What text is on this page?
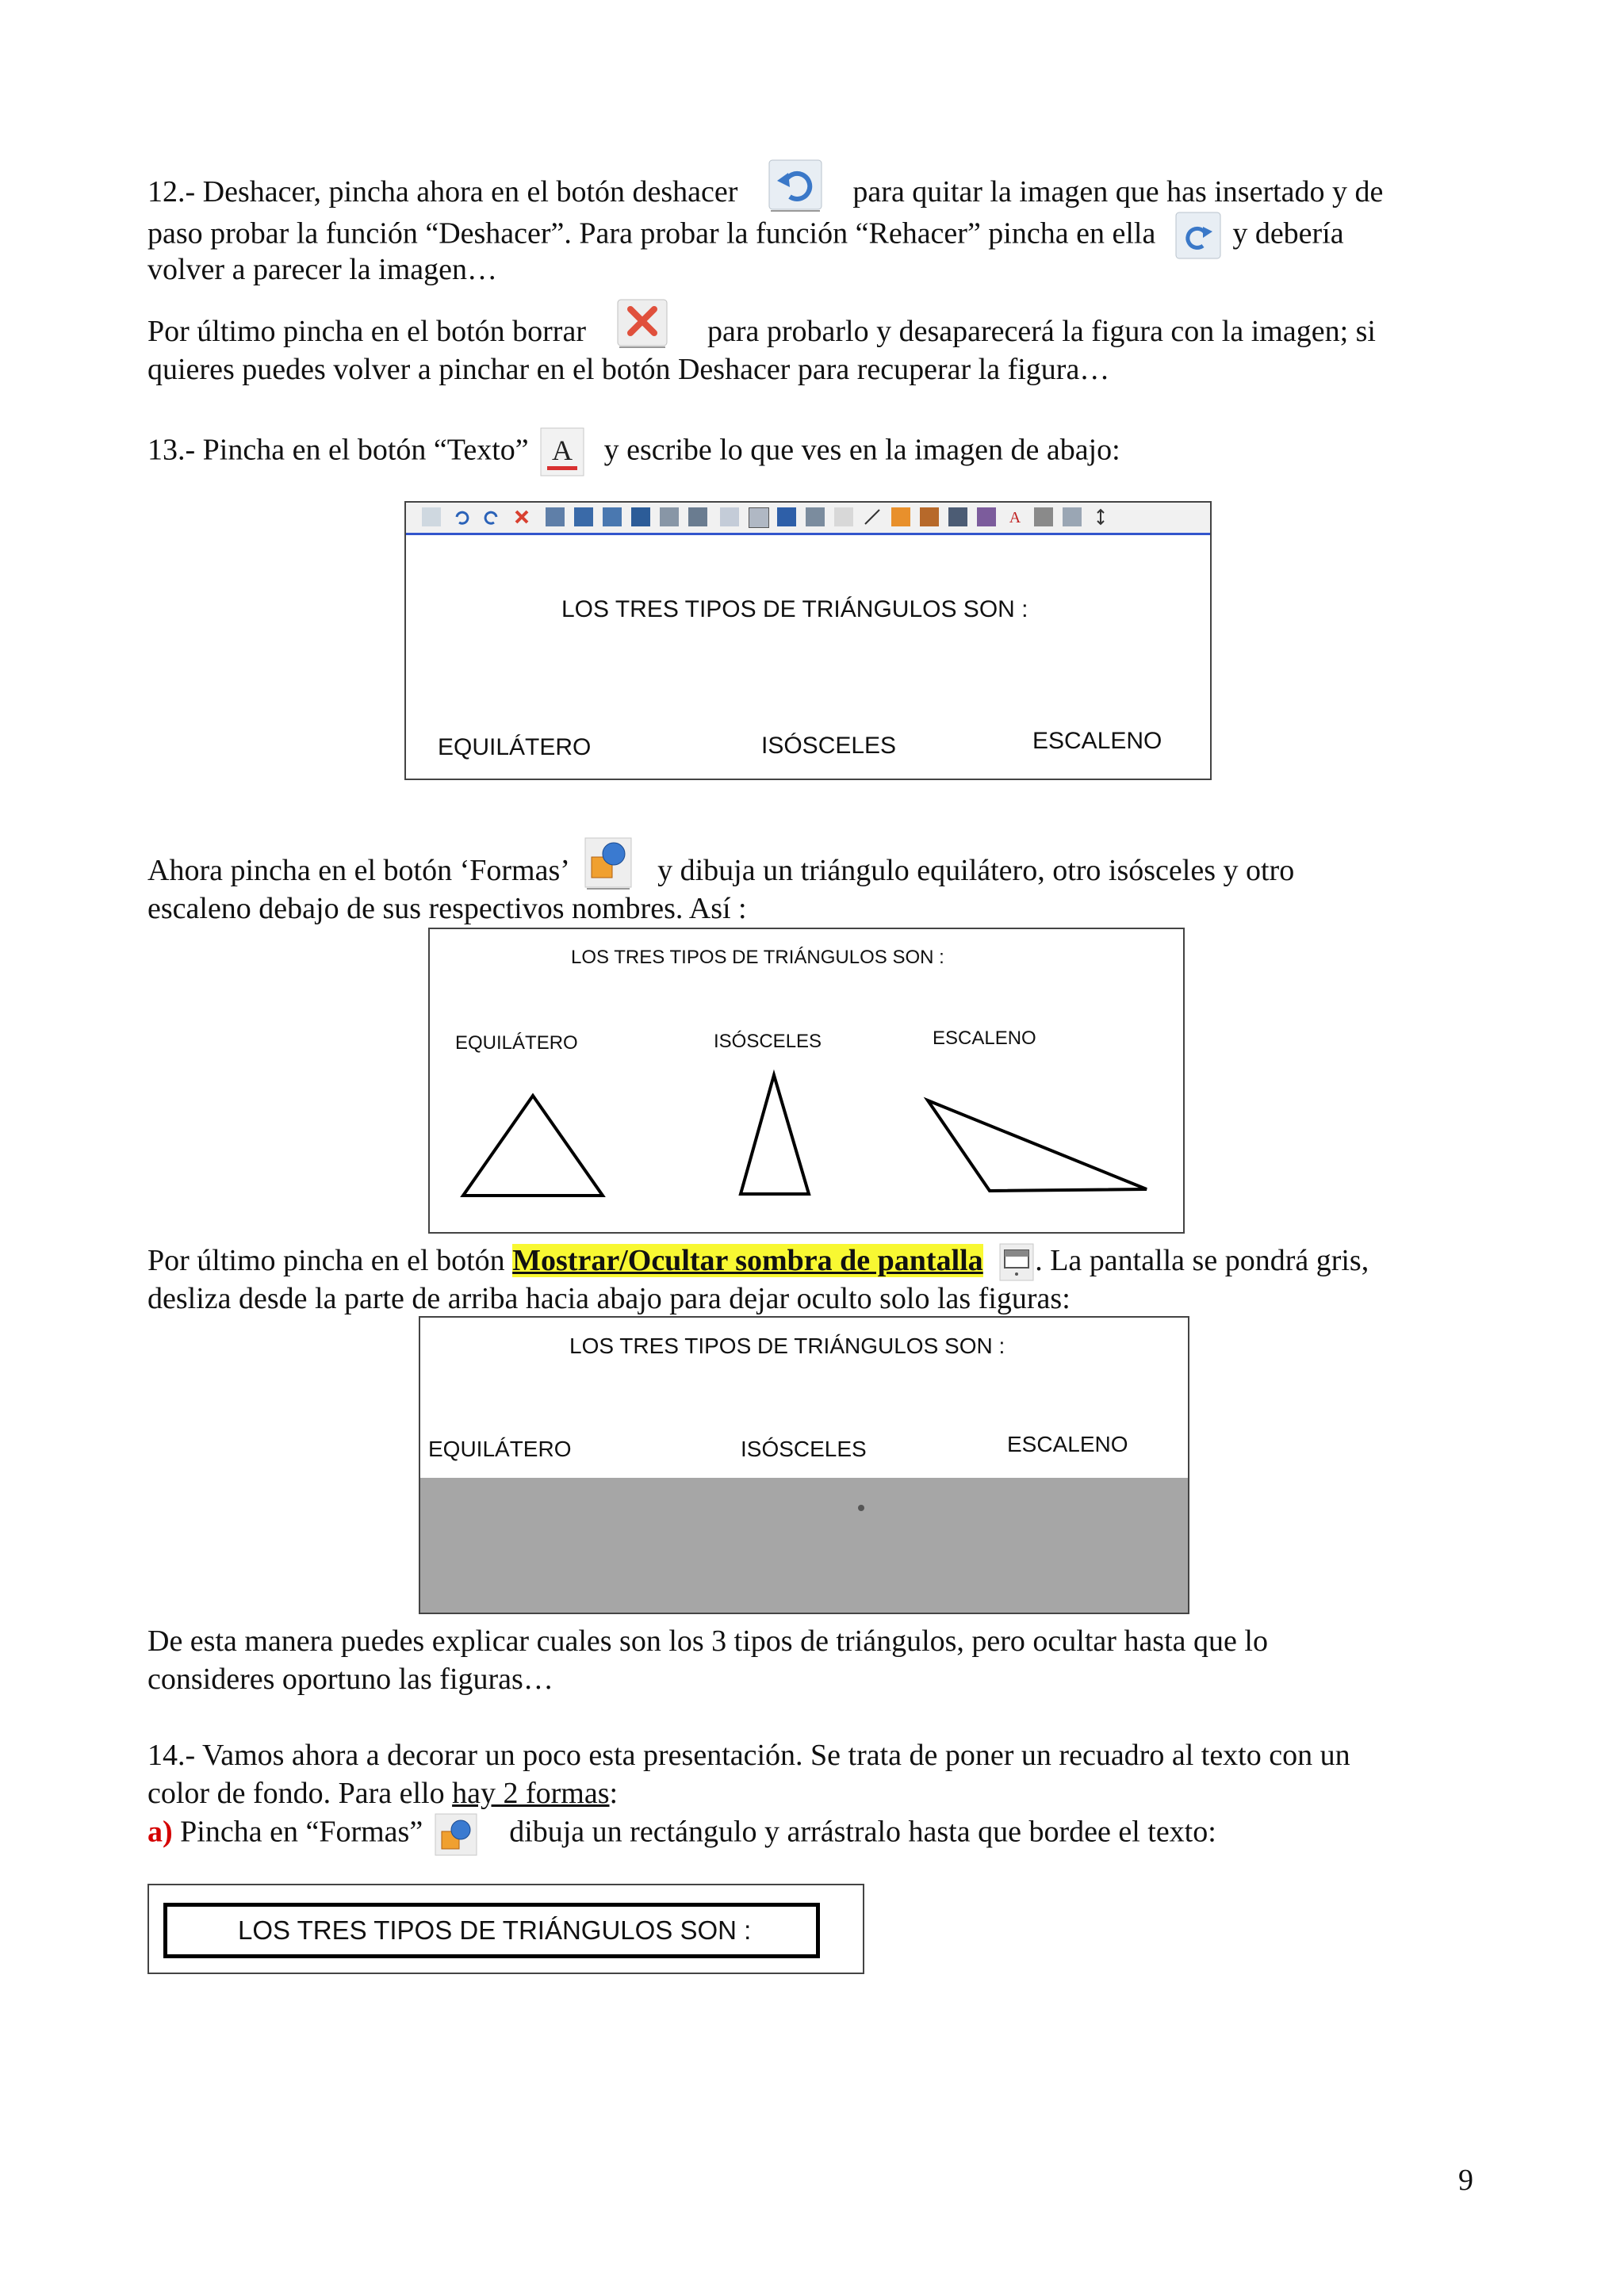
12.- Deshacer, pincha ahora en el botón deshacer	para quitar la imagen que has insertado y de
paso probar la función “Deshacer”. Para probar la función “Rehacer” pincha en ella	y debería
volver a parecer la imagen…
Por último pincha en el botón borrar	para probarlo y desaparecerá la figura con la imagen; si
quieres puedes volver a pinchar en el botón Deshacer para recuperar la figura…
13.- Pincha en el botón “Texto” A y escribe lo que ves en la imagen de abajo:
A
LOS TRES TIPOS DE TRIÁNGULOS SON :
EQUILÁTERO	ISÓSCELES	ESCALENO
Ahora pincha en el botón ‘Formas’	y dibuja un triángulo equilátero, otro isósceles y otro
escaleno debajo de sus respectivos nombres. Así :
LOS TRES TIPOS DE TRIÁNGULOS SON :
EQUILÁTERO	ISÓSCELES	ESCALENO
Por último pincha en el botón Mostrar/Ocultar sombra de pantalla . La pantalla se pondrá gris,
desliza desde la parte de arriba hacia abajo para dejar oculto solo las figuras:
LOS TRES TIPOS DE TRIÁNGULOS SON :
EQUILÁTERO	ISÓSCELES	ESCALENO
De esta manera puedes explicar cuales son los 3 tipos de triángulos, pero ocultar hasta que lo
consideres oportuno las figuras…
14.- Vamos ahora a decorar un poco esta presentación. Se trata de poner un recuadro al texto con un
color de fondo. Para ello hay 2 formas:
a) Pincha en “Formas”	dibuja un rectángulo y arrástralo hasta que bordee el texto:
LOS TRES TIPOS DE TRIÁNGULOS SON :
9
